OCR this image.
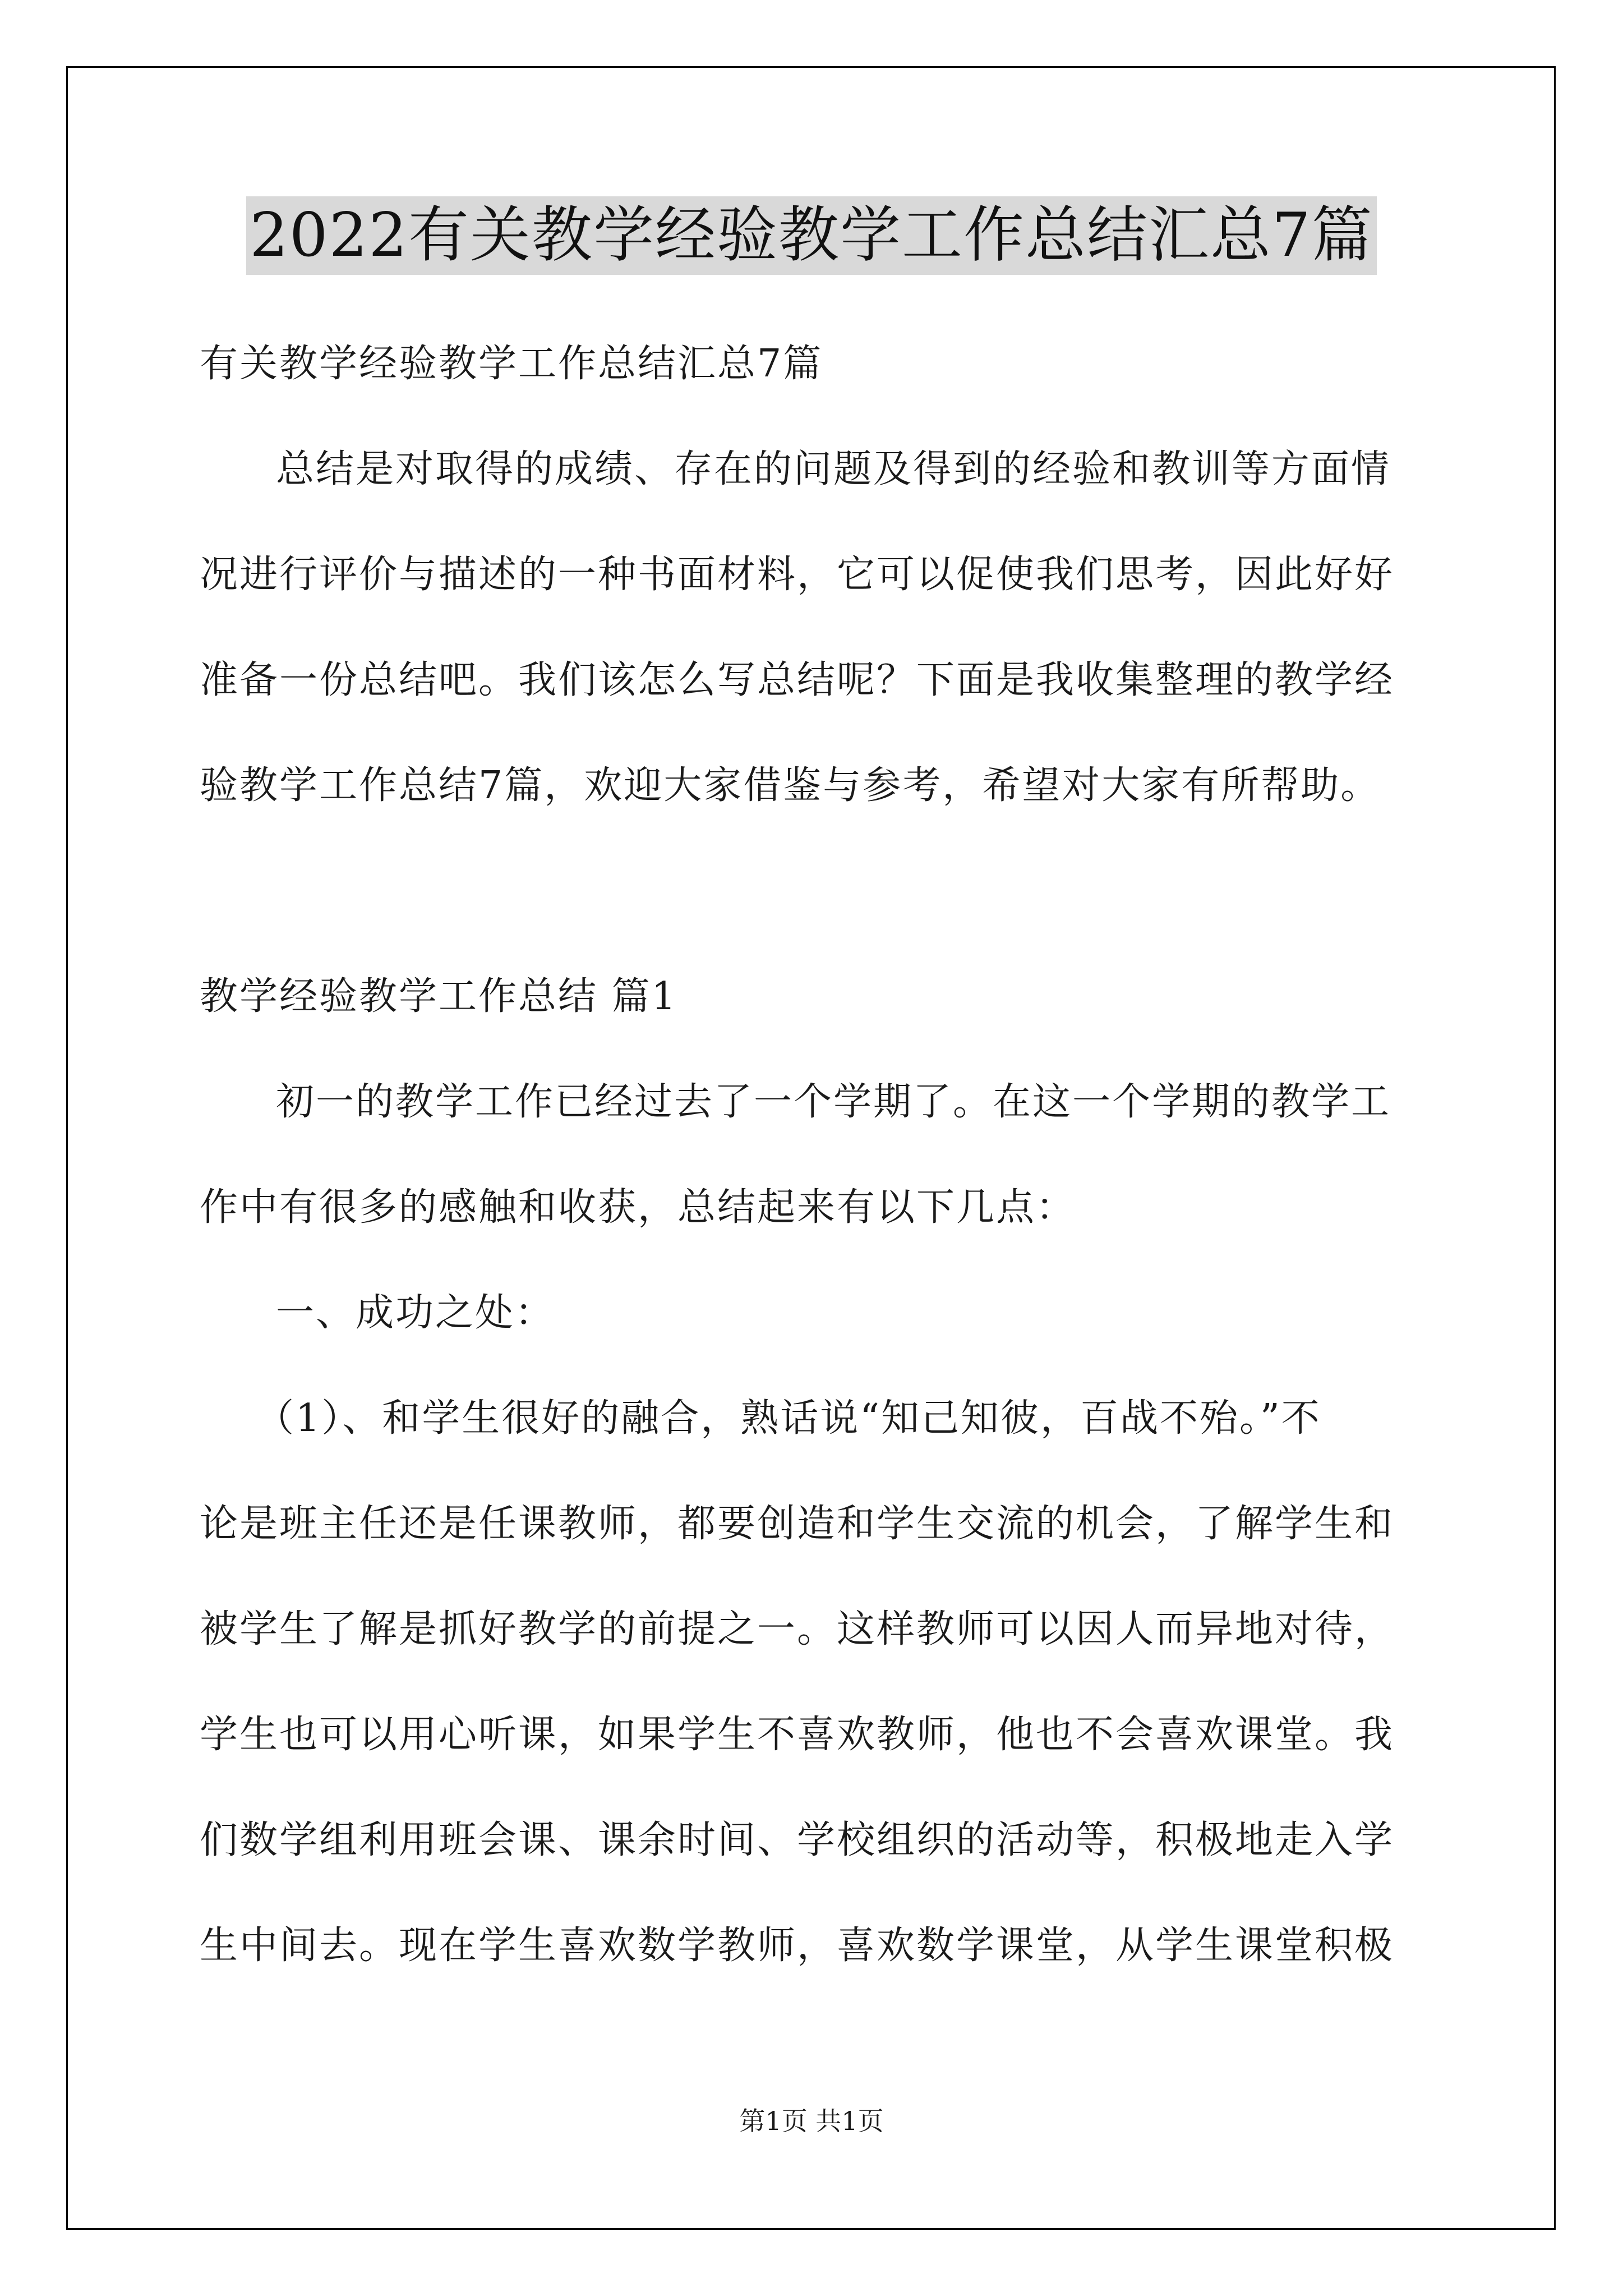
2022有关教学经验教学工作总结汇总7篇
有关教学经验教学工作总结汇总7篇
总结是对取得的成绩、存在的问题及得到的经验和教训等方面情
况进行评价与描述的一种书面材料，它可以促使我们思考，因此好好
准备一份总结吧。我们该怎么写总结呢？下面是我收集整理的教学经
验教学工作总结7篇，欢迎大家借鉴与参考，希望对大家有所帮助。
教学经验教学工作总结 篇1
初一的教学工作已经过去了一个学期了。在这一个学期的教学工
作中有很多的感触和收获，总结起来有以下几点：
一、成功之处：
（1）、和学生很好的融合，熟话说“知己知彼，百战不殆。”不
论是班主任还是任课教师，都要创造和学生交流的机会，了解学生和
被学生了解是抓好教学的前提之一。这样教师可以因人而异地对待，
学生也可以用心听课，如果学生不喜欢教师，他也不会喜欢课堂。我
们数学组利用班会课、课余时间、学校组织的活动等，积极地走入学
生中间去。现在学生喜欢数学教师，喜欢数学课堂，从学生课堂积极
第1页 共1页
